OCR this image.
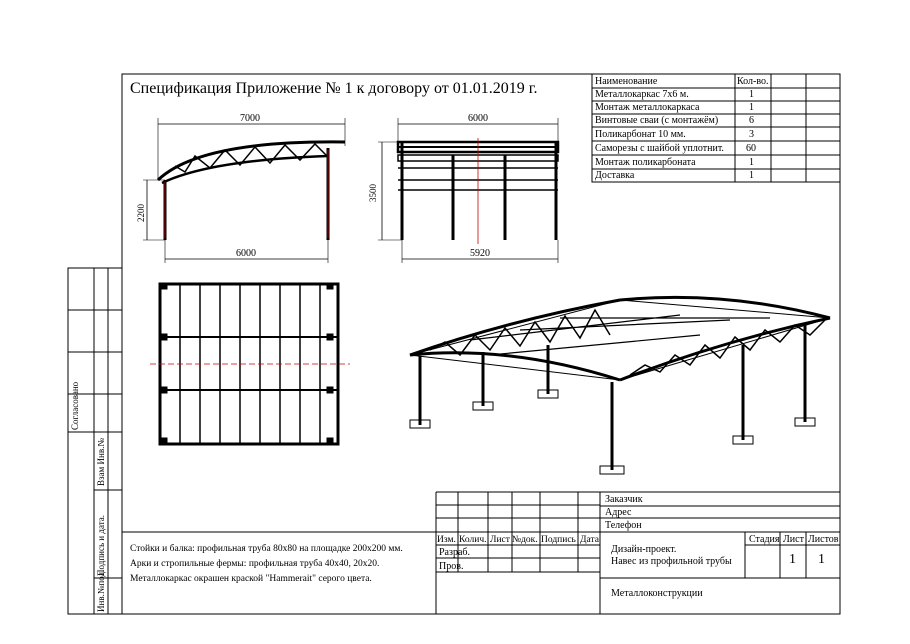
Спецификация Приложение № 1 к договору от 01.01.2019 г.	Наименование	Кол-во.
Металлокаркас 7х6 м.	1
Монтаж металлокаркаса	1
Винтовые сваи (с монтажём)	6
Поликарбонат 10 мм.	3
Саморезы с шайбой уплотнит. 60
Монтаж поликарбоната	1
Доставка	1
7000
6000
2200
6000
5920
3500
Стойки и балка: профильная труба 80х80 на площадке 200х200 мм.
Арки и стропильные фермы: профильная труба 40х40, 20х20.
Металлокаркас окрашен краской "Hammerait" серого цвета.
Заказчик
Адрес
Телефон
Изм. Колич. Лист №док. Подпись Дата
Разраб.
Пров.
Дизайн-проект.
Навес из профильной трубы
Стадия Лист Листов
1 1
Металлоконструкции
Согласовано
Взам Инв.№
Подпись и дата.
Инв.№под.
